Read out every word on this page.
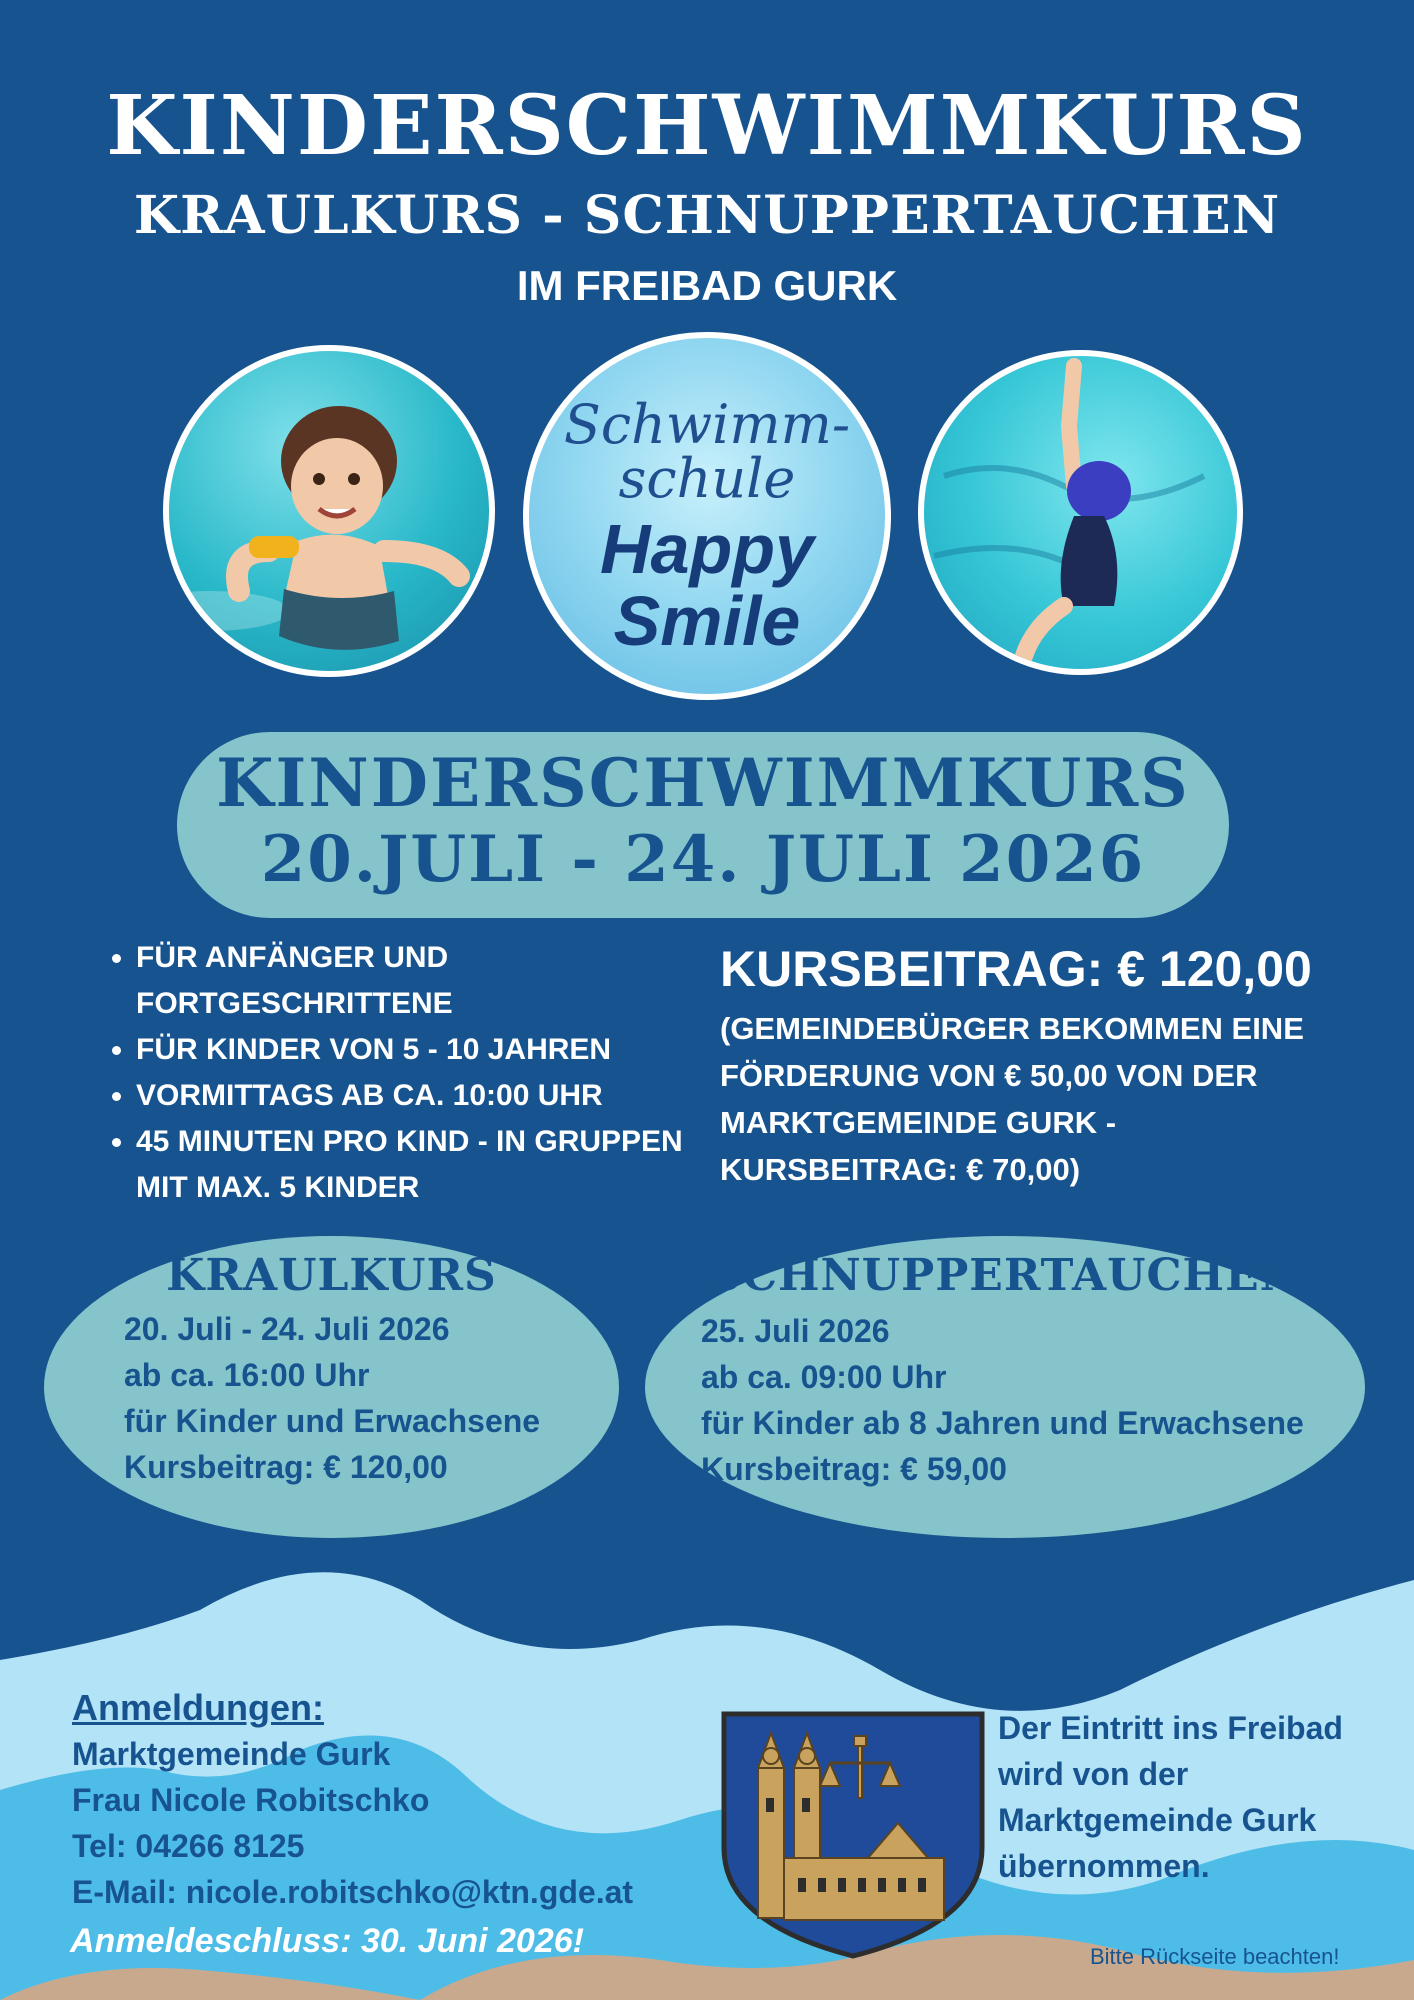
KINDERSCHWIMMKURS
KRAULKURS - SCHNUPPERTAUCHEN
IM FREIBAD GURK
Schwimm-
schule
Happy
Smile
KINDERSCHWIMMKURS
20.JULI - 24. JULI 2026
• FÜR ANFÄNGER UND FORTGESCHRITTENE
• FÜR KINDER VON 5 - 10 JAHREN
• VORMITTAGS AB CA. 10:00 UHR
• 45 MINUTEN PRO KIND - IN GRUPPEN MIT MAX. 5 KINDER
KURSBEITRAG: € 120,00
(GEMEINDEBÜRGER BEKOMMEN EINE FÖRDERUNG VON € 50,00 VON DER MARKTGEMEINDE GURK - KURSBEITRAG: € 70,00)
KRAULKURS
20. Juli - 24. Juli 2026
ab ca. 16:00 Uhr
für Kinder und Erwachsene
Kursbeitrag: € 120,00
SCHNUPPERTAUCHEN
25. Juli 2026
ab ca. 09:00 Uhr
für Kinder ab 8 Jahren und Erwachsene
Kursbeitrag: € 59,00
Anmeldungen:
Marktgemeinde Gurk
Frau Nicole Robitschko
Tel: 04266 8125
E-Mail: nicole.robitschko@ktn.gde.at
Anmeldeschluss: 30. Juni 2026!
Der Eintritt ins Freibad wird von der Marktgemeinde Gurk übernommen.
Bitte Rückseite beachten!
